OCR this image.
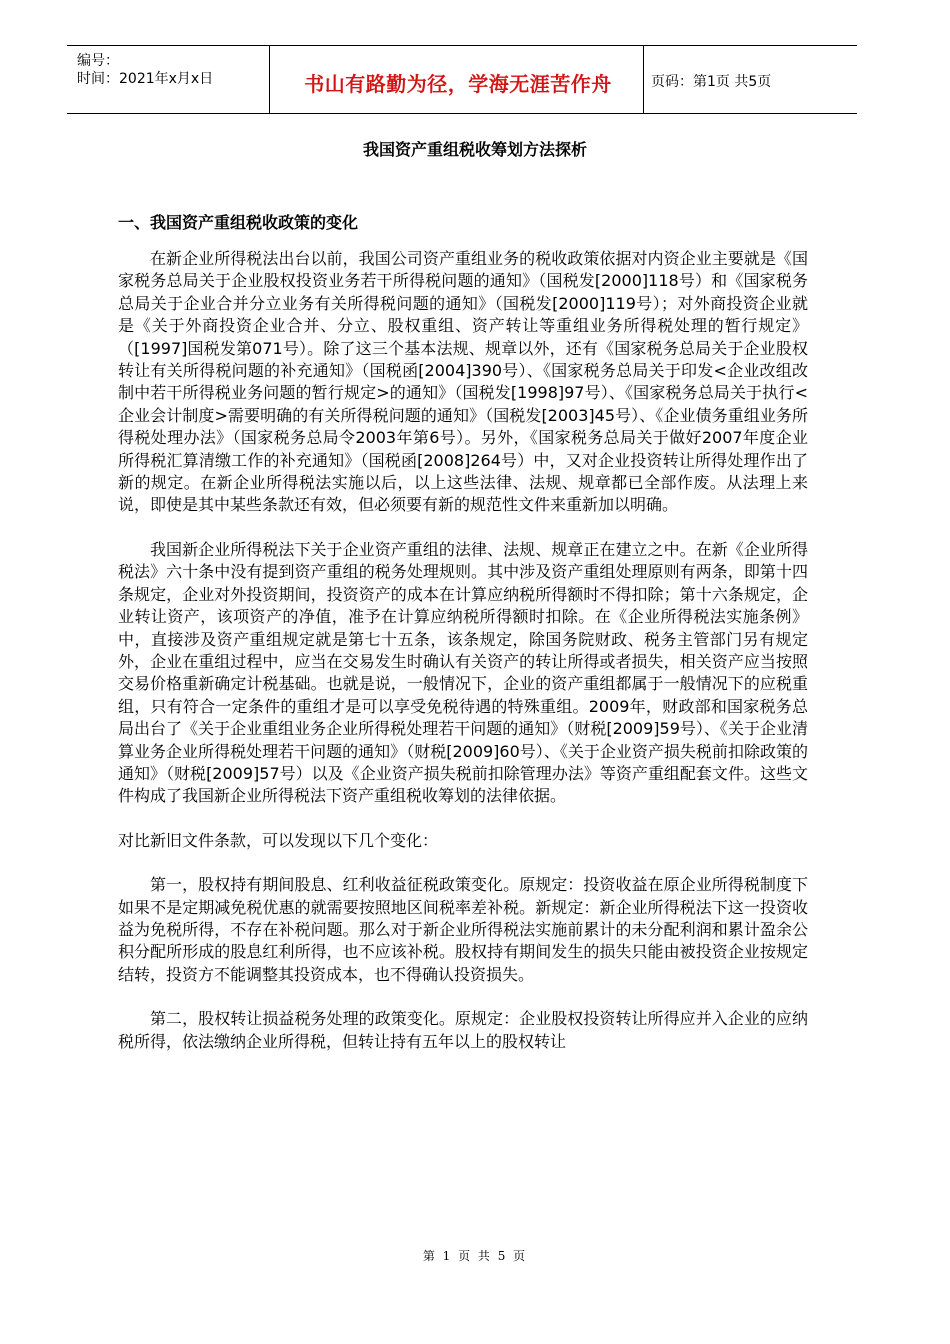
编号：
时间：2021年x月x日	书山有路勤为径，学海无涯苦作舟	页码：第1页 共5页
我国资产重组税收筹划方法探析
一、我国资产重组税收政策的变化

在新企业所得税法出台以前，我国公司资产重组业务的税收政策依据对内资企业主要就是《国家税务总局关于企业股权投资业务若干所得税问题的通知》（国税发[2000]118号）和《国家税务总局关于企业合并分立业务有关所得税问题的通知》（国税发[2000]119号）；对外商投资企业就是《关于外商投资企业合并、分立、股权重组、资产转让等重组业务所得税处理的暂行规定》（[1997]国税发第071号）。除了这三个基本法规、规章以外，还有《国家税务总局关于企业股权转让有关所得税问题的补充通知》（国税函[2004]390号）、《国家税务总局关于印发<企业改组改制中若干所得税业务问题的暂行规定>的通知》（国税发[1998]97号）、《国家税务总局关于执行<企业会计制度>需要明确的有关所得税问题的通知》（国税发[2003]45号）、《企业债务重组业务所得税处理办法》（国家税务总局令2003年第6号）。另外，《国家税务总局关于做好2007年度企业所得税汇算清缴工作的补充通知》（国税函[2008]264号）中，又对企业投资转让所得处理作出了新的规定。在新企业所得税法实施以后，以上这些法律、法规、规章都已全部作废。从法理上来说，即使是其中某些条款还有效，但必须要有新的规范性文件来重新加以明确。

我国新企业所得税法下关于企业资产重组的法律、法规、规章正在建立之中。在新《企业所得税法》六十条中没有提到资产重组的税务处理规则。其中涉及资产重组处理原则有两条，即第十四条规定，企业对外投资期间，投资资产的成本在计算应纳税所得额时不得扣除；第十六条规定，企业转让资产，该项资产的净值，准予在计算应纳税所得额时扣除。在《企业所得税法实施条例》中，直接涉及资产重组规定就是第七十五条，该条规定，除国务院财政、税务主管部门另有规定外，企业在重组过程中，应当在交易发生时确认有关资产的转让所得或者损失，相关资产应当按照交易价格重新确定计税基础。也就是说，一般情况下，企业的资产重组都属于一般情况下的应税重组，只有符合一定条件的重组才是可以享受免税待遇的特殊重组。2009年，财政部和国家税务总局出台了《关于企业重组业务企业所得税处理若干问题的通知》（财税[2009]59号）、《关于企业清算业务企业所得税处理若干问题的通知》（财税[2009]60号）、《关于企业资产损失税前扣除政策的通知》（财税[2009]57号）以及《企业资产损失税前扣除管理办法》等资产重组配套文件。这些文件构成了我国新企业所得税法下资产重组税收筹划的法律依据。

对比新旧文件条款，可以发现以下几个变化：

第一，股权持有期间股息、红利收益征税政策变化。原规定：投资收益在原企业所得税制度下如果不是定期减免税优惠的就需要按照地区间税率差补税。新规定：新企业所得税法下这一投资收益为免税所得，不存在补税问题。那么对于新企业所得税法实施前累计的未分配利润和累计盈余公积分配所形成的股息红利所得，也不应该补税。股权持有期间发生的损失只能由被投资企业按规定结转，投资方不能调整其投资成本，也不得确认投资损失。

第二，股权转让损益税务处理的政策变化。原规定：企业股权投资转让所得应并入企业的应纳税所得，依法缴纳企业所得税，但转让持有五年以上的股权转让

第 1 页 共 5 页
